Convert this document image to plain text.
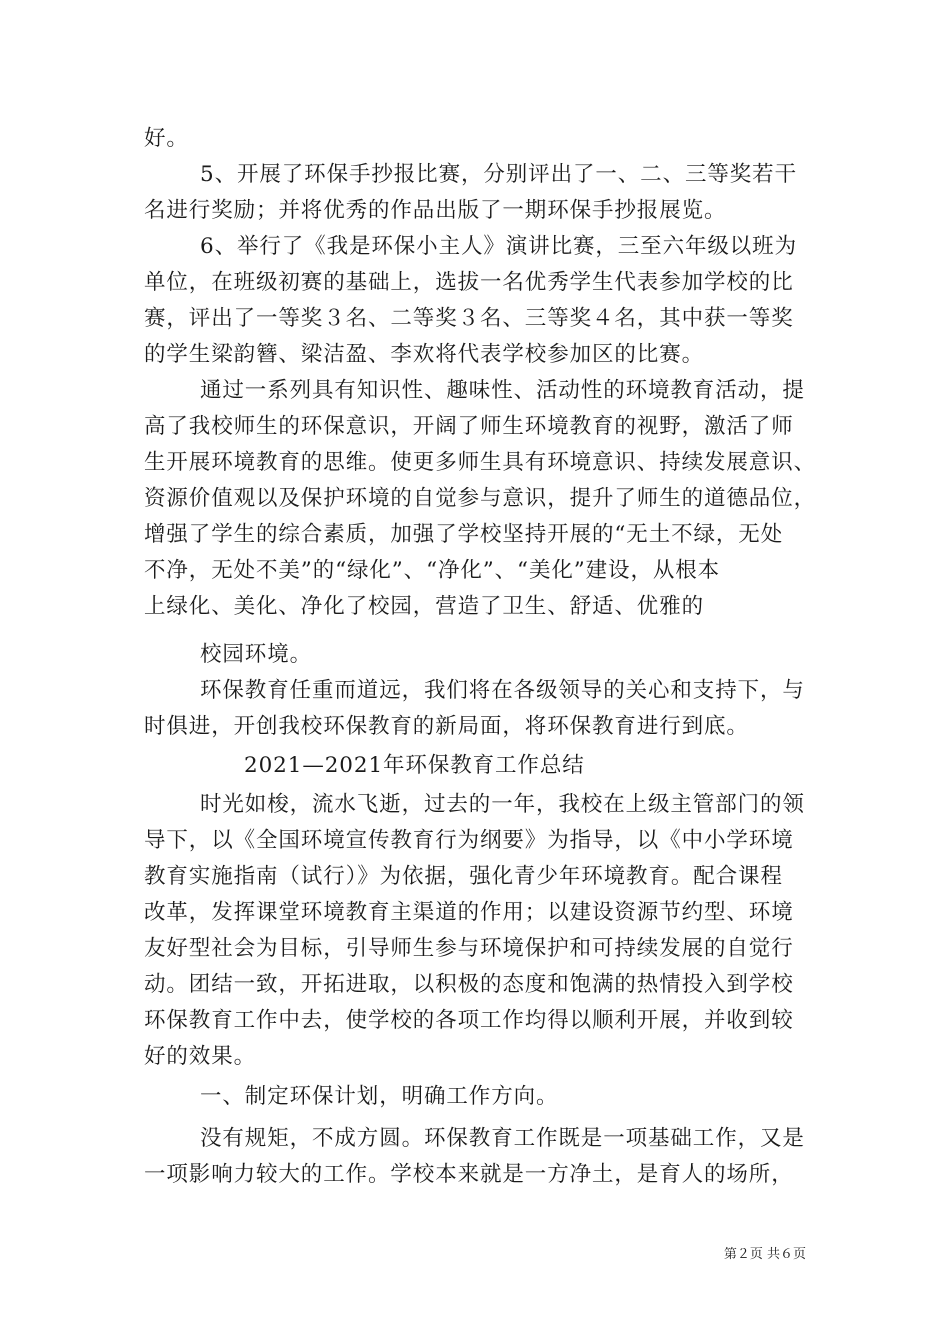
好。
5、开展了环保手抄报比赛，分别评出了一、二、三等奖若干
名进行奖励；并将优秀的作品出版了一期环保手抄报展览。
6、举行了《我是环保小主人》演讲比赛，三至六年级以班为
单位，在班级初赛的基础上，选拔一名优秀学生代表参加学校的比
赛，评出了一等奖３名、二等奖３名、三等奖４名，其中获一等奖
的学生梁韵簪、梁洁盈、李欢将代表学校参加区的比赛。
通过一系列具有知识性、趣味性、活动性的环境教育活动，提
高了我校师生的环保意识，开阔了师生环境教育的视野，激活了师
生开展环境教育的思维。使更多师生具有环境意识、持续发展意识、
资源价值观以及保护环境的自觉参与意识，提升了师生的道德品位，
增强了学生的综合素质，加强了学校坚持开展的“无土不绿，无处
不净，无处不美”的“绿化”、“净化”、“美化”建设，从根本
上绿化、美化、净化了校园，营造了卫生、舒适、优雅的
校园环境。
环保教育任重而道远，我们将在各级领导的关心和支持下，与
时俱进，开创我校环保教育的新局面，将环保教育进行到底。
2021—2021年环保教育工作总结
时光如梭，流水飞逝，过去的一年，我校在上级主管部门的领
导下，以《全国环境宣传教育行为纲要》为指导，以《中小学环境
教育实施指南（试行）》为依据，强化青少年环境教育。配合课程
改革，发挥课堂环境教育主渠道的作用；以建设资源节约型、环境
友好型社会为目标，引导师生参与环境保护和可持续发展的自觉行
动。团结一致，开拓进取，以积极的态度和饱满的热情投入到学校
环保教育工作中去，使学校的各项工作均得以顺利开展，并收到较
好的效果。
一、制定环保计划，明确工作方向。
没有规矩，不成方圆。环保教育工作既是一项基础工作，又是
一项影响力较大的工作。学校本来就是一方净土，是育人的场所，
第２页 共６页
